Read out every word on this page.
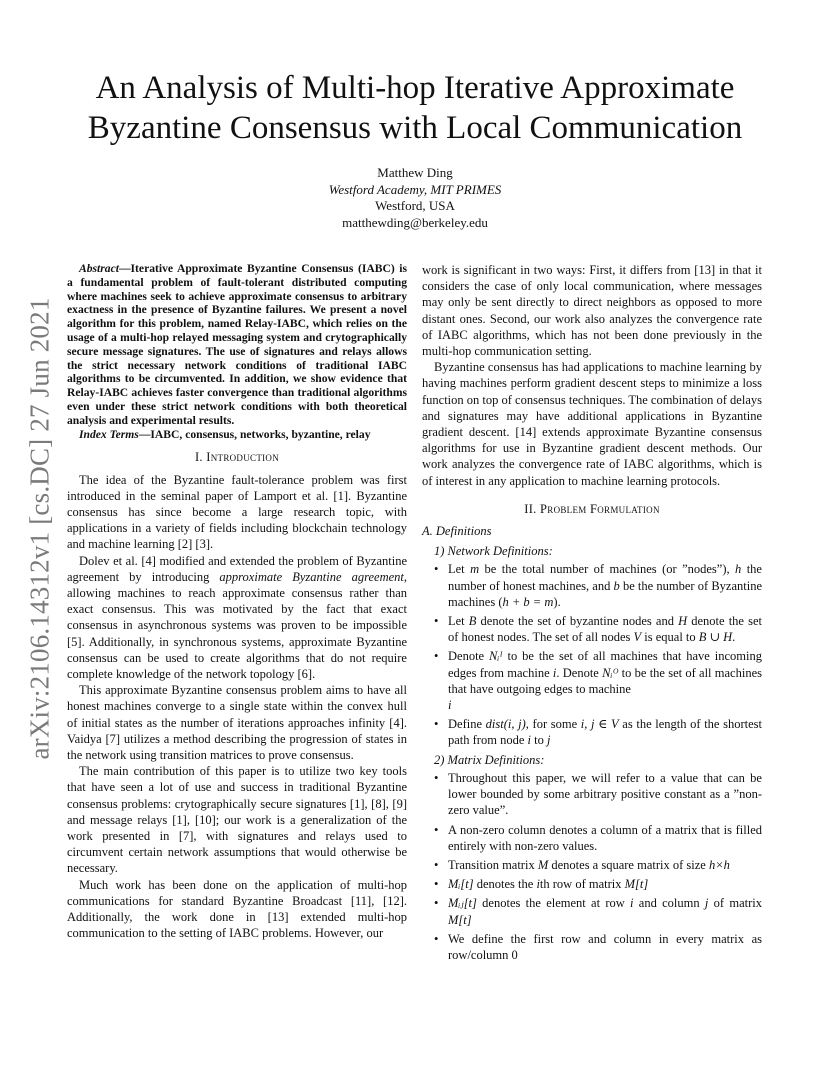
arXiv:2106.14312v1 [cs.DC] 27 Jun 2021
An Analysis of Multi-hop Iterative Approximate Byzantine Consensus with Local Communication
Matthew Ding
Westford Academy, MIT PRIMES
Westford, USA
matthewding@berkeley.edu

Abstract—Iterative Approximate Byzantine Consensus (IABC) is a fundamental problem of fault-tolerant distributed computing where machines seek to achieve approximate consensus to arbitrary exactness in the presence of Byzantine failures. We present a novel algorithm for this problem, named Relay-IABC, which relies on the usage of a multi-hop relayed messaging system and crytographically secure message signatures. The use of signatures and relays allows the strict necessary network conditions of traditional IABC algorithms to be circumvented. In addition, we show evidence that Relay-IABC achieves faster convergence than traditional algorithms even under these strict network conditions with both theoretical analysis and experimental results.

Index Terms—IABC, consensus, networks, byzantine, relay

I. Introduction

The idea of the Byzantine fault-tolerance problem was first introduced in the seminal paper of Lamport et al. [1]. Byzantine consensus has since become a large research topic, with applications in a variety of fields including blockchain technology and machine learning [2] [3].

Dolev et al. [4] modified and extended the problem of Byzantine agreement by introducing approximate Byzantine agreement, allowing machines to reach approximate consensus rather than exact consensus. This was motivated by the fact that exact consensus in asynchronous systems was proven to be impossible [5]. Additionally, in synchronous systems, approximate Byzantine consensus can be used to create algorithms that do not require complete knowledge of the network topology [6].

This approximate Byzantine consensus problem aims to have all honest machines converge to a single state within the convex hull of initial states as the number of iterations approaches infinity [4]. Vaidya [7] utilizes a method describing the progression of states in the network using transition matrices to prove consensus.

The main contribution of this paper is to utilize two key tools that have seen a lot of use and success in traditional Byzantine consensus problems: crytographically secure signatures [1], [8], [9] and message relays [1], [10]; our work is a generalization of the work presented in [7], with signatures and relays used to circumvent certain network assumptions that would otherwise be necessary.

Much work has been done on the application of multi-hop communications for standard Byzantine Broadcast [11], [12]. Additionally, the work done in [13] extended multi-hop communication to the setting of IABC problems. However, our

work is significant in two ways: First, it differs from [13] in that it considers the case of only local communication, where messages may only be sent directly to direct neighbors as opposed to more distant ones. Second, our work also analyzes the convergence rate of IABC algorithms, which has not been done previously in the multi-hop communication setting.

Byzantine consensus has had applications to machine learning by having machines perform gradient descent steps to minimize a loss function on top of consensus techniques. The combination of delays and signatures may have additional applications in Byzantine gradient descent. [14] extends approximate Byzantine consensus algorithms for use in Byzantine gradient descent methods. Our work analyzes the convergence rate of IABC algorithms, which is of interest in any application to machine learning protocols.

II. Problem Formulation
A. Definitions
1) Network Definitions:
• Let m be the total number of machines (or ”nodes”), h the number of honest machines, and b be the number of Byzantine machines (h + b = m).
• Let B denote the set of byzantine nodes and H denote the set of honest nodes. The set of all nodes V is equal to B ∪ H.
• Denote Nᵢᴵ to be the set of all machines that have incoming edges from machine i. Denote Nᵢᴼ to be the set of all machines that have outgoing edges to machine
i
• Define dist(i, j), for some i, j ∈ V as the length of the shortest path from node i to j
2) Matrix Definitions:
• Throughout this paper, we will refer to a value that can be lower bounded by some arbitrary positive constant as a ”non-zero value”.
• A non-zero column denotes a column of a matrix that is filled entirely with non-zero values.
• Transition matrix M denotes a square matrix of size h×h
• Mᵢ[t] denotes the ith row of matrix M[t]
• Mᵢⱼ[t] denotes the element at row i and column j of matrix M[t]
• We define the first row and column in every matrix as row/column 0
